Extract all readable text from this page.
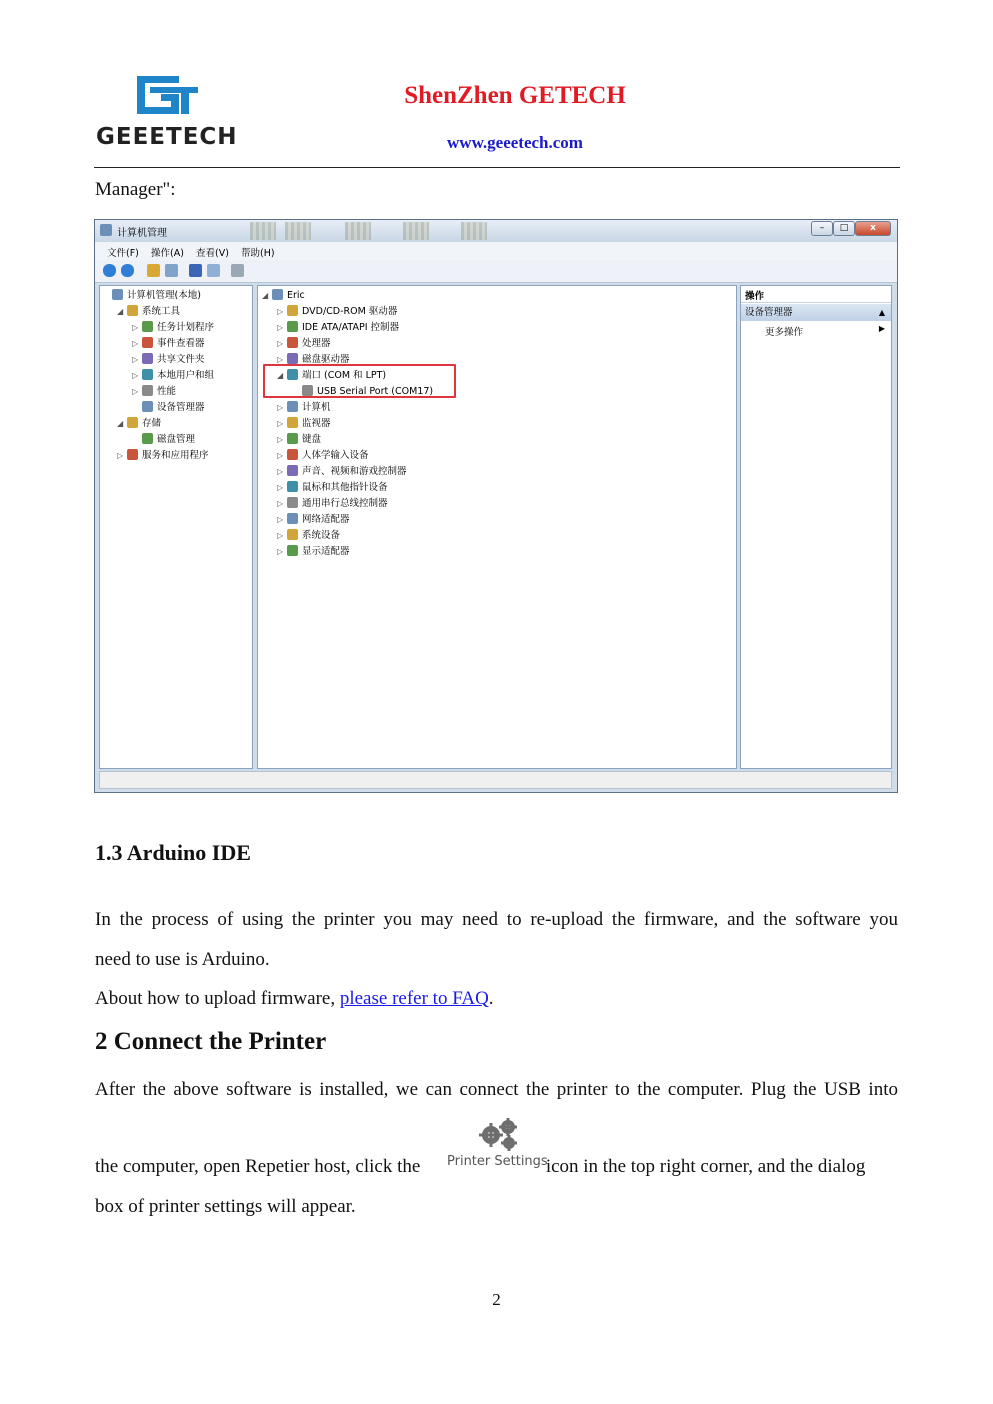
GEEETECH
ShenZhen GETECH
www.geeetech.com
Manager":
计算机管理	–	□	x
文件(F) 操作(A) 查看(V) 帮助(H)
计算机管理(本地)
◢ 系统工具
▷ 任务计划程序
▷ 事件查看器
▷ 共享文件夹
▷ 本地用户和组
▷ 性能
设备管理器
◢ 存储
磁盘管理
▷ 服务和应用程序
◢ Eric
▷ DVD/CD-ROM 驱动器
▷ IDE ATA/ATAPI 控制器
▷ 处理器
▷ 磁盘驱动器
◢ 端口 (COM 和 LPT)
USB Serial Port (COM17)
▷ 计算机
▷ 监视器
▷ 键盘
▷ 人体学输入设备
▷ 声音、视频和游戏控制器
▷ 鼠标和其他指针设备
▷ 通用串行总线控制器
▷ 网络适配器
▷ 系统设备
▷ 显示适配器
操作
设备管理器	▲
更多操作	▶
1.3 Arduino IDE
In the process of using the printer you may need to re-upload the firmware, and the software you
need to use is Arduino.
About how to upload firmware, please refer to FAQ.
2 Connect the Printer
After the above software is installed, we can connect the printer to the computer. Plug the USB into
the computer, open Repetier host, click the	icon in the top right corner, and the dialog
Printer Settings
box of printer settings will appear.
2
